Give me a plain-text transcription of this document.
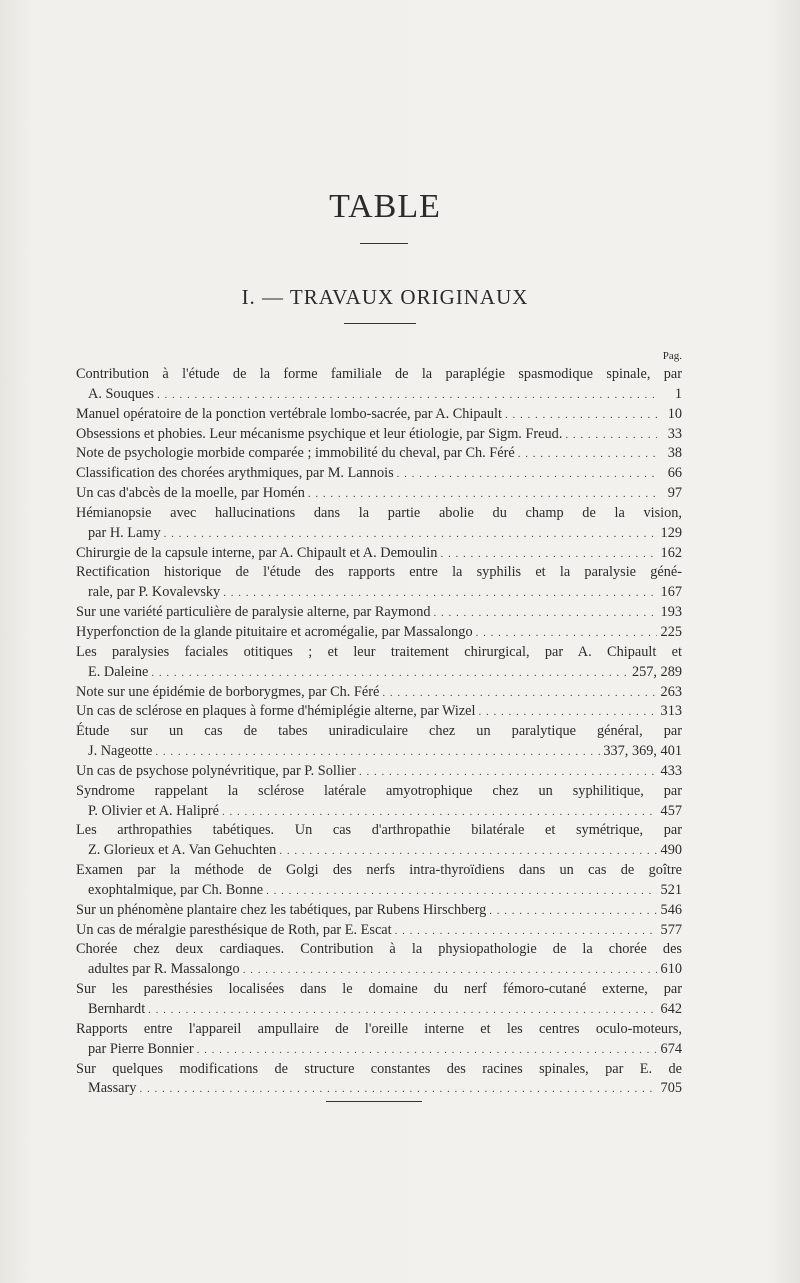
TABLE
I. — TRAVAUX ORIGINAUX
Pag.
Contribution à l'étude de la forme familiale de la paraplégie spasmodique spinale, par
A. Souques . . .	1
Manuel opératoire de la ponction vertébrale lombo-sacrée, par A. Chipault . . .	10
Obsessions et phobies. Leur mécanisme psychique et leur étiologie, par Sigm. Freud. . . .	33
Note de psychologie morbide comparée ; immobilité du cheval, par Ch. Féré . . .	38
Classification des chorées arythmiques, par M. Lannois . . .	66
Un cas d'abcès de la moelle, par Homén . . .	97
Hémianopsie avec hallucinations dans la partie abolie du champ de la vision,
par H. Lamy . . .	129
Chirurgie de la capsule interne, par A. Chipault et A. Demoulin . . .	162
Rectification historique de l'étude des rapports entre la syphilis et la paralysie géné-
rale, par P. Kovalevsky . . .	167
Sur une variété particulière de paralysie alterne, par Raymond . . .	193
Hyperfonction de la glande pituitaire et acromégalie, par Massalongo . . .	225
Les paralysies faciales otitiques ; et leur traitement chirurgical, par A. Chipault et
E. Daleine . . .	257, 289
Note sur une épidémie de borborygmes, par Ch. Féré . . .	263
Un cas de sclérose en plaques à forme d'hémiplégie alterne, par Wizel . . .	313
Étude sur un cas de tabes uniradiculaire chez un paralytique général, par
J. Nageotte . . .	337, 369, 401
Un cas de psychose polynévritique, par P. Sollier . . .	433
Syndrome rappelant la sclérose latérale amyotrophique chez un syphilitique, par
P. Olivier et A. Halipré . . .	457
Les arthropathies tabétiques. Un cas d'arthropathie bilatérale et symétrique, par
Z. Glorieux et A. Van Gehuchten . . .	490
Examen par la méthode de Golgi des nerfs intra-thyroïdiens dans un cas de goître
exophtalmique, par Ch. Bonne . . .	521
Sur un phénomène plantaire chez les tabétiques, par Rubens Hirschberg . . .	546
Un cas de méralgie paresthésique de Roth, par E. Escat . . .	577
Chorée chez deux cardiaques. Contribution à la physiopathologie de la chorée des
adultes par R. Massalongo . . .	610
Sur les paresthésies localisées dans le domaine du nerf fémoro-cutané externe, par
Bernhardt . . .	642
Rapports entre l'appareil ampullaire de l'oreille interne et les centres oculo-moteurs,
par Pierre Bonnier . . .	674
Sur quelques modifications de structure constantes des racines spinales, par E. de
Massary . . .	705
